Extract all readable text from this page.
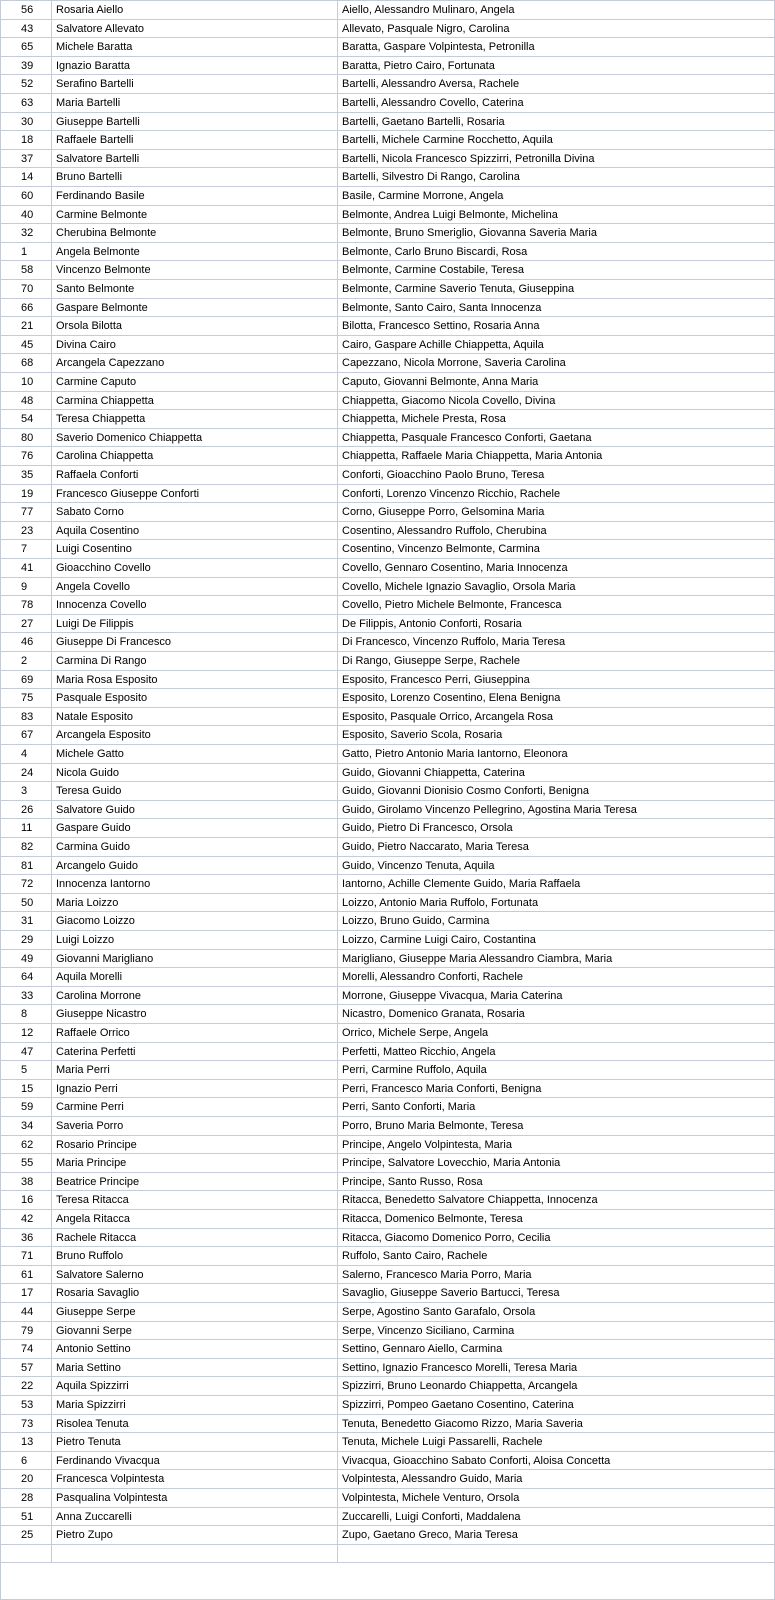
56	Rosaria Aiello	Aiello, Alessandro Mulinaro, Angela
43	Salvatore Allevato	Allevato, Pasquale Nigro, Carolina
65	Michele Baratta	Baratta, Gaspare Volpintesta, Petronilla
39	Ignazio Baratta	Baratta, Pietro Cairo, Fortunata
52	Serafino Bartelli	Bartelli, Alessandro Aversa, Rachele
63	Maria Bartelli	Bartelli, Alessandro Covello, Caterina
30	Giuseppe Bartelli	Bartelli, Gaetano Bartelli, Rosaria
18	Raffaele Bartelli	Bartelli, Michele Carmine Rocchetto, Aquila
37	Salvatore Bartelli	Bartelli, Nicola Francesco Spizzirri, Petronilla Divina
14	Bruno Bartelli	Bartelli, Silvestro Di Rango, Carolina
60	Ferdinando Basile	Basile, Carmine Morrone, Angela
40	Carmine Belmonte	Belmonte, Andrea Luigi Belmonte, Michelina
32	Cherubina Belmonte	Belmonte, Bruno Smeriglio, Giovanna Saveria Maria
1	Angela Belmonte	Belmonte, Carlo Bruno Biscardi, Rosa
58	Vincenzo Belmonte	Belmonte, Carmine Costabile, Teresa
70	Santo Belmonte	Belmonte, Carmine Saverio Tenuta, Giuseppina
66	Gaspare Belmonte	Belmonte, Santo Cairo, Santa Innocenza
21	Orsola Bilotta	Bilotta, Francesco Settino, Rosaria Anna
45	Divina Cairo	Cairo, Gaspare Achille Chiappetta, Aquila
68	Arcangela Capezzano	Capezzano, Nicola Morrone, Saveria Carolina
10	Carmine Caputo	Caputo, Giovanni Belmonte, Anna Maria
48	Carmina Chiappetta	Chiappetta, Giacomo Nicola Covello, Divina
54	Teresa Chiappetta	Chiappetta, Michele Presta, Rosa
80	Saverio Domenico Chiappetta	Chiappetta, Pasquale Francesco Conforti, Gaetana
76	Carolina Chiappetta	Chiappetta, Raffaele Maria Chiappetta, Maria Antonia
35	Raffaela Conforti	Conforti, Gioacchino Paolo Bruno, Teresa
19	Francesco Giuseppe Conforti	Conforti, Lorenzo Vincenzo Ricchio, Rachele
77	Sabato Corno	Corno, Giuseppe Porro, Gelsomina Maria
23	Aquila Cosentino	Cosentino, Alessandro Ruffolo, Cherubina
7	Luigi Cosentino	Cosentino, Vincenzo Belmonte, Carmina
41	Gioacchino Covello	Covello, Gennaro Cosentino, Maria Innocenza
9	Angela Covello	Covello, Michele Ignazio Savaglio, Orsola Maria
78	Innocenza Covello	Covello, Pietro Michele Belmonte, Francesca
27	Luigi De Filippis	De Filippis, Antonio Conforti, Rosaria
46	Giuseppe Di Francesco	Di Francesco, Vincenzo Ruffolo, Maria Teresa
2	Carmina Di Rango	Di Rango, Giuseppe Serpe, Rachele
69	Maria Rosa Esposito	Esposito, Francesco Perri, Giuseppina
75	Pasquale Esposito	Esposito, Lorenzo Cosentino, Elena Benigna
83	Natale Esposito	Esposito, Pasquale Orrico, Arcangela Rosa
67	Arcangela Esposito	Esposito, Saverio Scola, Rosaria
4	Michele Gatto	Gatto, Pietro Antonio Maria Iantorno, Eleonora
24	Nicola Guido	Guido, Giovanni Chiappetta, Caterina
3	Teresa Guido	Guido, Giovanni Dionisio Cosmo Conforti, Benigna
26	Salvatore Guido	Guido, Girolamo Vincenzo Pellegrino, Agostina Maria Teresa
11	Gaspare Guido	Guido, Pietro Di Francesco, Orsola
82	Carmina Guido	Guido, Pietro Naccarato, Maria Teresa
81	Arcangelo Guido	Guido, Vincenzo Tenuta, Aquila
72	Innocenza Iantorno	Iantorno, Achille Clemente Guido, Maria Raffaela
50	Maria Loizzo	Loizzo, Antonio Maria Ruffolo, Fortunata
31	Giacomo Loizzo	Loizzo, Bruno Guido, Carmina
29	Luigi Loizzo	Loizzo, Carmine Luigi Cairo, Costantina
49	Giovanni Marigliano	Marigliano, Giuseppe Maria Alessandro Ciambra, Maria
64	Aquila Morelli	Morelli, Alessandro Conforti, Rachele
33	Carolina Morrone	Morrone, Giuseppe Vivacqua, Maria Caterina
8	Giuseppe Nicastro	Nicastro, Domenico Granata, Rosaria
12	Raffaele Orrico	Orrico, Michele Serpe, Angela
47	Caterina Perfetti	Perfetti, Matteo Ricchio, Angela
5	Maria Perri	Perri, Carmine Ruffolo, Aquila
15	Ignazio Perri	Perri, Francesco Maria Conforti, Benigna
59	Carmine Perri	Perri, Santo Conforti, Maria
34	Saveria Porro	Porro, Bruno Maria Belmonte, Teresa
62	Rosario Principe	Principe, Angelo Volpintesta, Maria
55	Maria Principe	Principe, Salvatore Lovecchio, Maria Antonia
38	Beatrice Principe	Principe, Santo Russo, Rosa
16	Teresa Ritacca	Ritacca, Benedetto Salvatore Chiappetta, Innocenza
42	Angela Ritacca	Ritacca, Domenico Belmonte, Teresa
36	Rachele Ritacca	Ritacca, Giacomo Domenico Porro, Cecilia
71	Bruno Ruffolo	Ruffolo, Santo Cairo, Rachele
61	Salvatore Salerno	Salerno, Francesco Maria Porro, Maria
17	Rosaria Savaglio	Savaglio, Giuseppe Saverio Bartucci, Teresa
44	Giuseppe Serpe	Serpe, Agostino Santo Garafalo, Orsola
79	Giovanni Serpe	Serpe, Vincenzo Siciliano, Carmina
74	Antonio Settino	Settino, Gennaro Aiello, Carmina
57	Maria Settino	Settino, Ignazio Francesco Morelli, Teresa Maria
22	Aquila Spizzirri	Spizzirri, Bruno Leonardo Chiappetta, Arcangela
53	Maria Spizzirri	Spizzirri, Pompeo Gaetano Cosentino, Caterina
73	Risolea Tenuta	Tenuta, Benedetto Giacomo Rizzo, Maria Saveria
13	Pietro Tenuta	Tenuta, Michele Luigi Passarelli, Rachele
6	Ferdinando Vivacqua	Vivacqua, Gioacchino Sabato Conforti, Aloisa Concetta
20	Francesca Volpintesta	Volpintesta, Alessandro Guido, Maria
28	Pasqualina Volpintesta	Volpintesta, Michele Venturo, Orsola
51	Anna Zuccarelli	Zuccarelli, Luigi Conforti, Maddalena
25	Pietro Zupo	Zupo, Gaetano Greco, Maria Teresa
